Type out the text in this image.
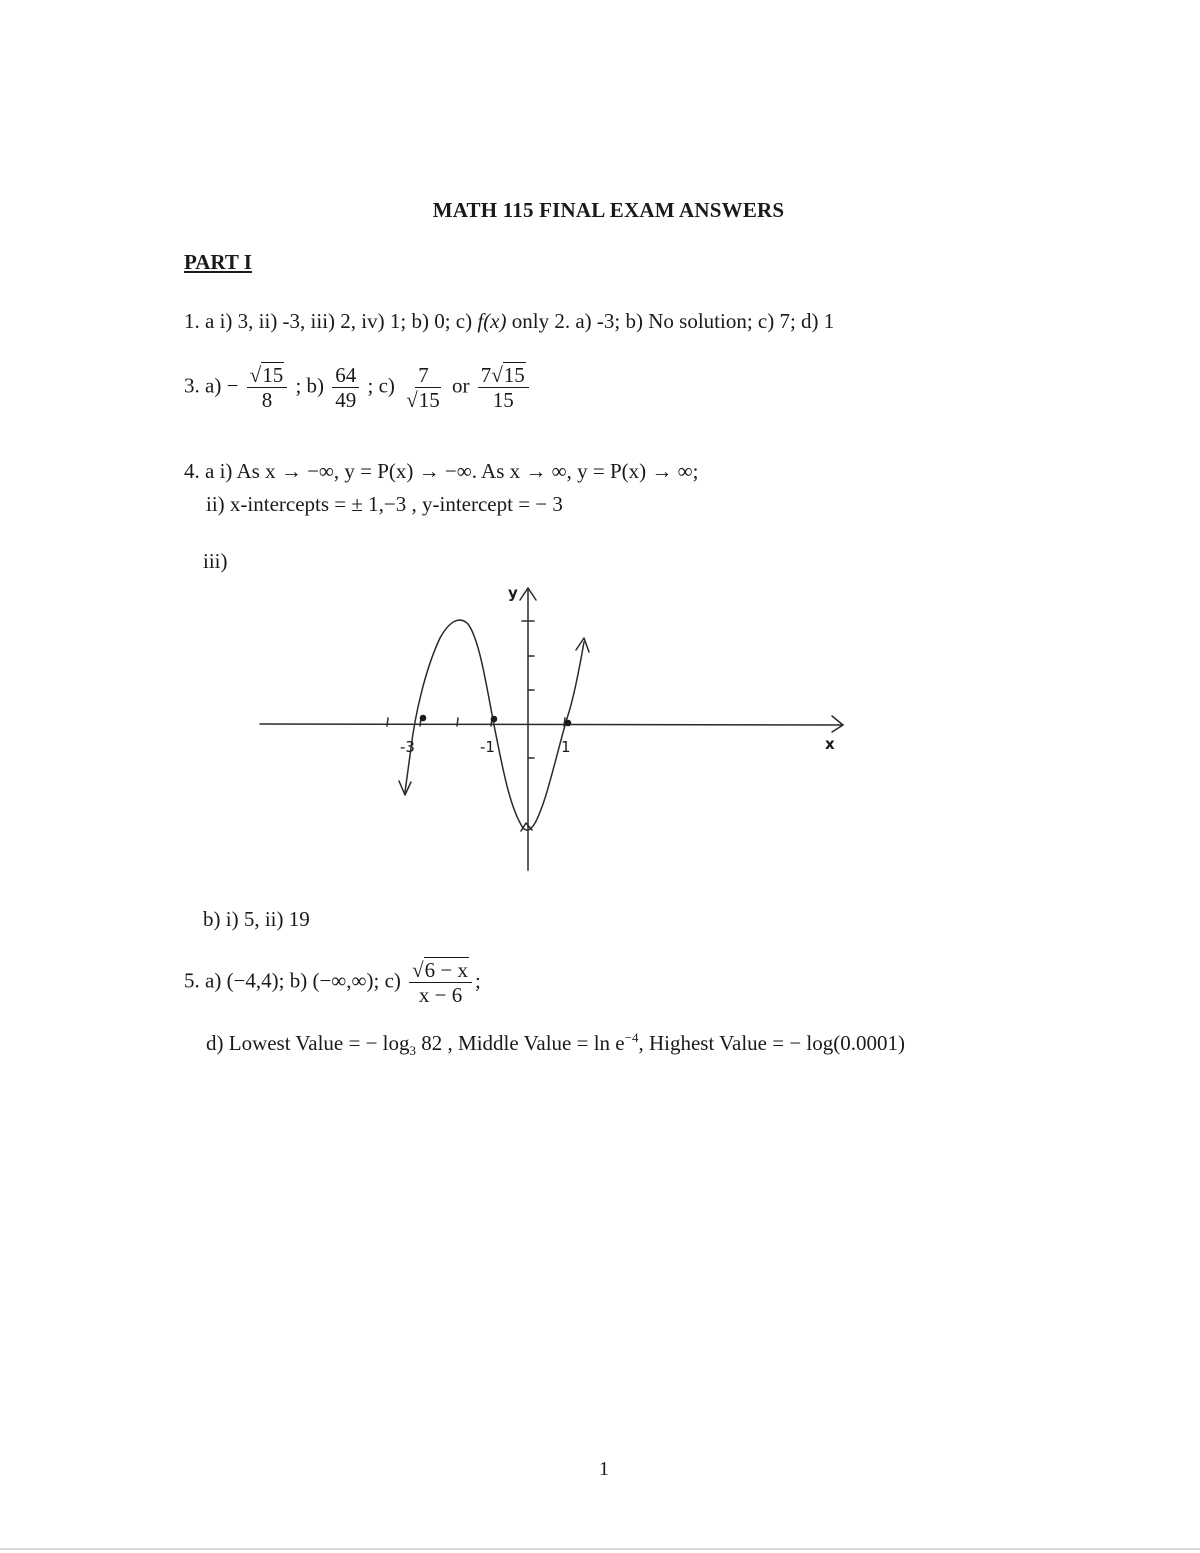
MATH 115 FINAL EXAM ANSWERS
PART I
1. a i) 3, ii) -3, iii) 2, iv) 1; b) 0; c) f(x) only 2. a) -3; b) No solution; c) 7; d) 1
3. $a) - \frac{√15}{8}$ ; $b) \frac{64}{49}$ ; $c) \frac{7}{√15}$ or $\frac{7√15}{15}$
4. a i) As x → −∞, y = P(x) → −∞. As x → ∞, y = P(x) → ∞;
ii) x-intercepts = ± 1,−3 , y-intercept = − 3
iii)
y
x
-3	-1	1
b) i) 5, ii) 19
5. a) (−4,4); b) (−∞,∞); $c) \frac{√6 - x}{x - 6}$ ;
d) Lowest Value = − $\log_3 82$ , Middle Value = $\ln e^{-4}$, Highest Value = − log(0.0001)
1
